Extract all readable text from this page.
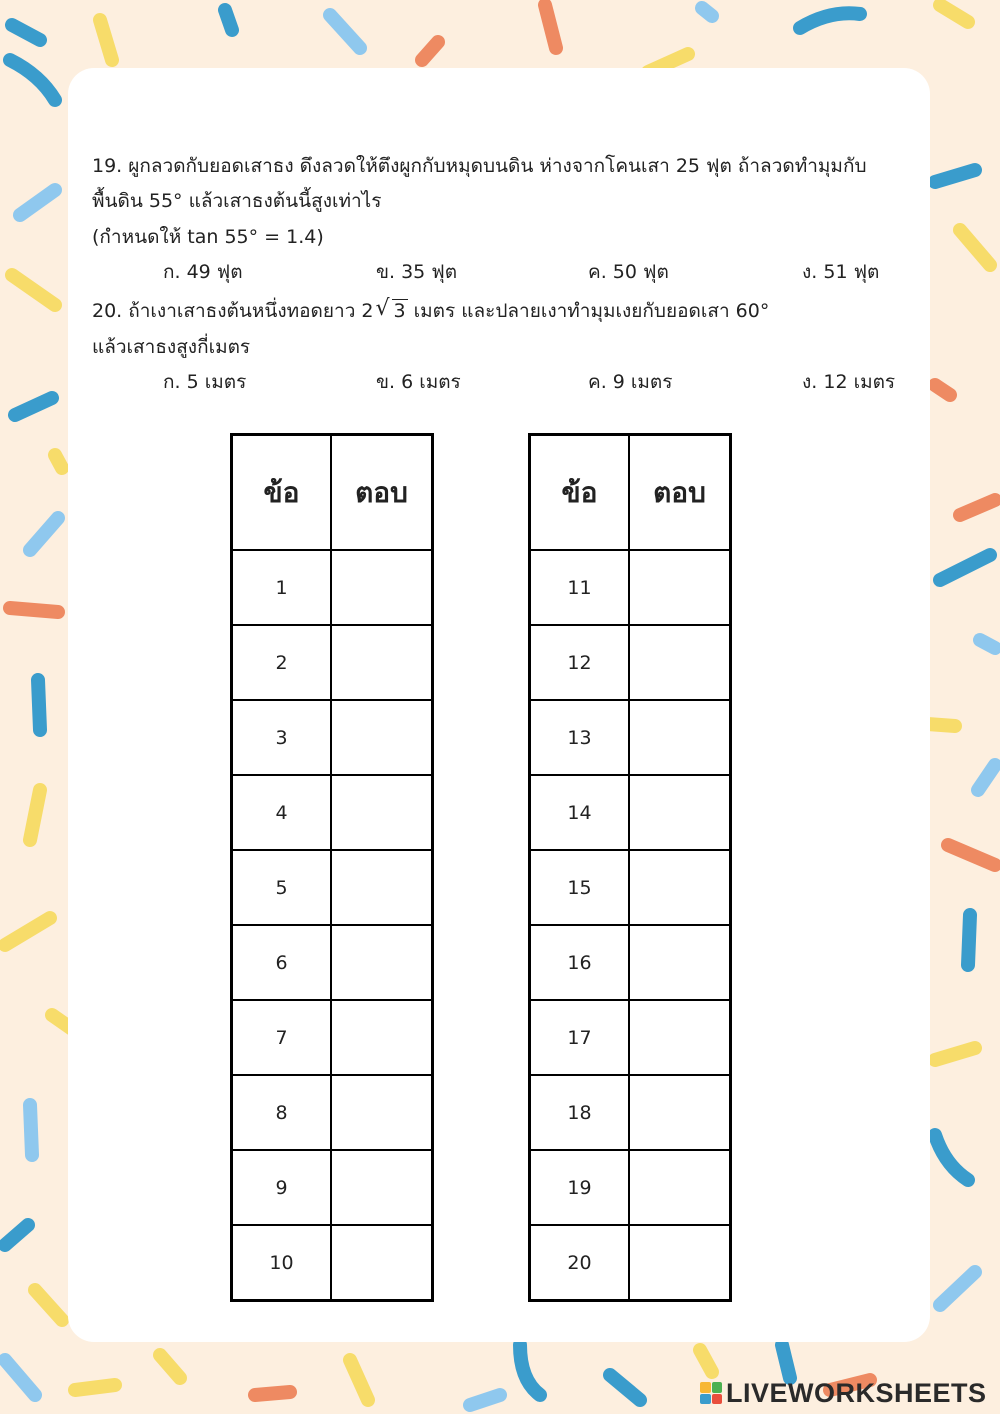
19. ผูกลวดกับยอดเสาธง ดึงลวดให้ตึงผูกกับหมุดบนดิน ห่างจากโคนเสา 25 ฟุต ถ้าลวดทำมุมกับ
พื้นดิน 55° แล้วเสาธงต้นนี้สูงเท่าไร
(กำหนดให้ tan 55° = 1.4)
ก. 49 ฟุต	ข. 35 ฟุต	ค. 50 ฟุต	ง. 51 ฟุต
20. ถ้าเงาเสาธงต้นหนึ่งทอดยาว 2 √ 3 เมตร และปลายเงาทำมุมเงยกับยอดเสา 60°
แล้วเสาธงสูงกี่เมตร
ก. 5 เมตร	ข. 6 เมตร	ค. 9 เมตร	ง. 12 เมตร
ข้อ	ตอบ
1	
2	
3	
4	
5	
6	
7	
8	
9	
10	
ข้อ	ตอบ
11	
12	
13	
14	
15	
16	
17	
18	
19	
20	
LIVEWORKSHEETS
